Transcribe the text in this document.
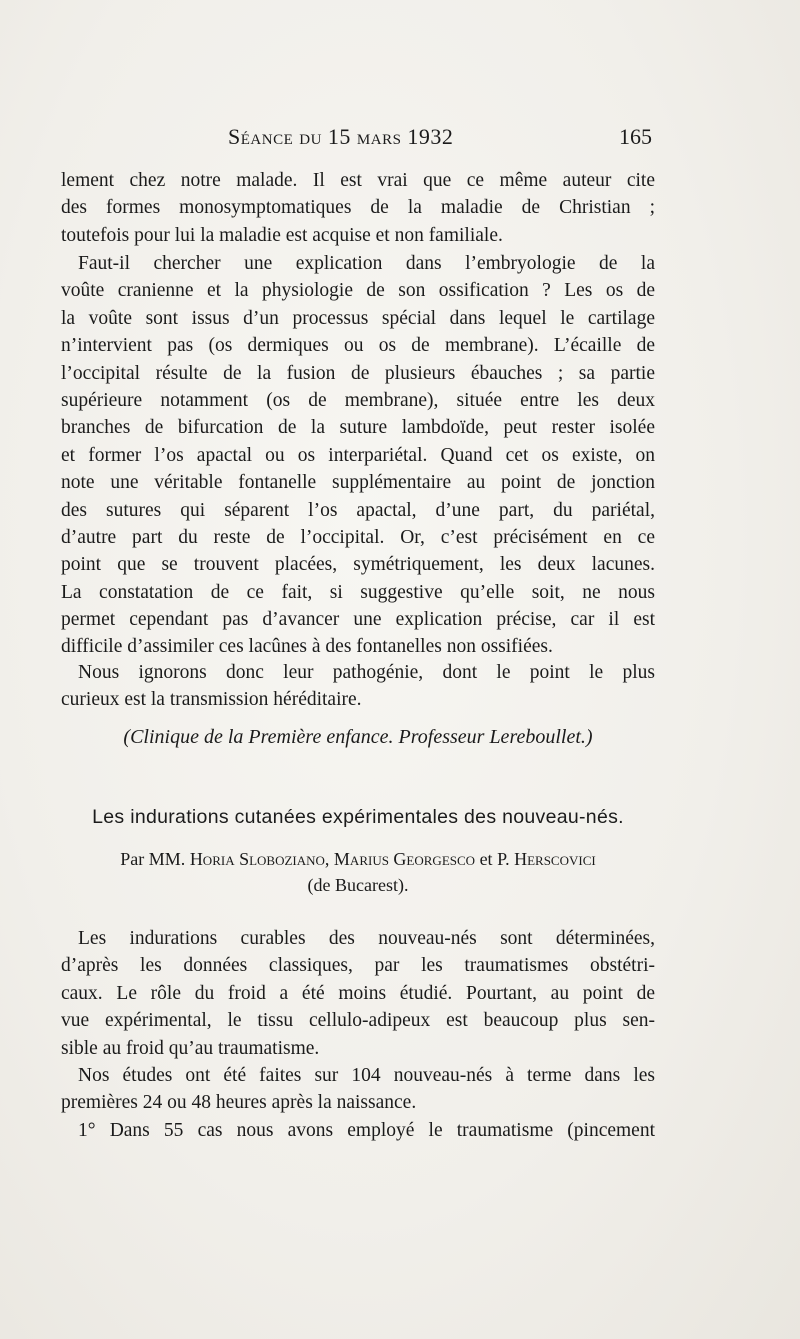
Séance du 15 mars 1932	165
lement chez notre malade. Il est vrai que ce même auteur cite
des formes monosymptomatiques de la maladie de Christian ;
toutefois pour lui la maladie est acquise et non familiale.
Faut-il chercher une explication dans l’embryologie de la
voûte cranienne et la physiologie de son ossification ? Les os de
la voûte sont issus d’un processus spécial dans lequel le cartilage
n’intervient pas (os dermiques ou os de membrane). L’écaille de
l’occipital résulte de la fusion de plusieurs ébauches ; sa partie
supérieure notamment (os de membrane), située entre les deux
branches de bifurcation de la suture lambdoïde, peut rester isolée
et former l’os apactal ou os interpariétal. Quand cet os existe, on
note une véritable fontanelle supplémentaire au point de jonction
des sutures qui séparent l’os apactal, d’une part, du pariétal,
d’autre part du reste de l’occipital. Or, c’est précisément en ce
point que se trouvent placées, symétriquement, les deux lacunes.
La constatation de ce fait, si suggestive qu’elle soit, ne nous
permet cependant pas d’avancer une explication précise, car il est
difficile d’assimiler ces lacûnes à des fontanelles non ossifiées.
Nous ignorons donc leur pathogénie, dont le point le plus
curieux est la transmission héréditaire.
(Clinique de la Première enfance. Professeur Lereboullet.)
Les indurations cutanées expérimentales des nouveau-nés.
Par MM. Horia Sloboziano, Marius Georgesco et P. Herscovici
(de Bucarest).
Les indurations curables des nouveau-nés sont déterminées,
d’après les données classiques, par les traumatismes obstétri-
caux. Le rôle du froid a été moins étudié. Pourtant, au point de
vue expérimental, le tissu cellulo-adipeux est beaucoup plus sen-
sible au froid qu’au traumatisme.
Nos études ont été faites sur 104 nouveau-nés à terme dans les
premières 24 ou 48 heures après la naissance.
1° Dans 55 cas nous avons employé le traumatisme (pincement
